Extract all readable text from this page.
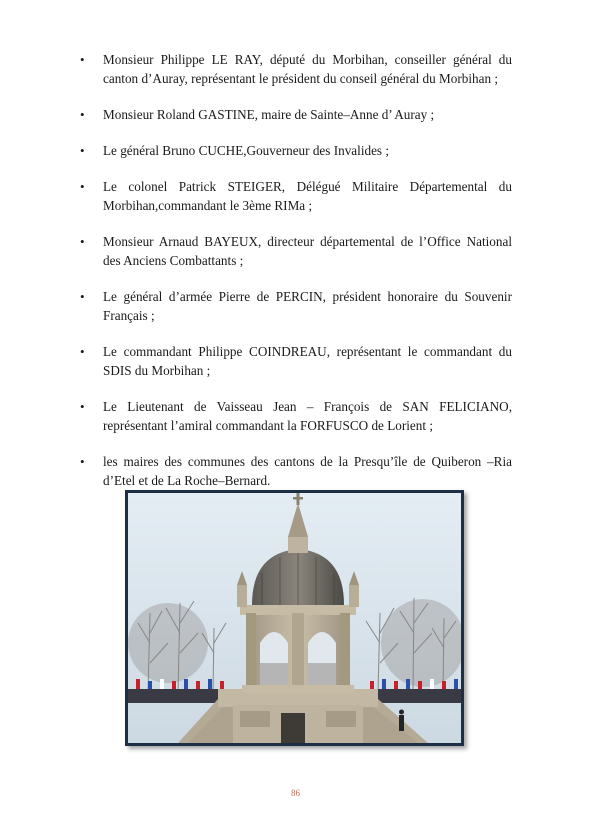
• Monsieur Philippe LE RAY, député du Morbihan, conseiller général du canton d’Auray, représentant le président du conseil général du Morbihan ;
• Monsieur Roland GASTINE, maire de Sainte–Anne d’ Auray ;
• Le général Bruno CUCHE,Gouverneur des Invalides ;
• Le colonel Patrick STEIGER, Délégué Militaire Départemental du Morbihan,commandant le 3ème RIMa ;
• Monsieur Arnaud BAYEUX, directeur départemental de l’Office National des Anciens Combattants ;
• Le général d’armée Pierre de PERCIN, président honoraire du Souvenir Français ;
• Le commandant Philippe COINDREAU, représentant le commandant du SDIS du Morbihan ;
• Le Lieutenant de Vaisseau Jean – François de SAN FELICIANO, représentant l’amiral commandant la FORFUSCO de Lorient ;
• les maires des communes des cantons de la Presqu’île de Quiberon –Ria d’Etel et de La Roche–Bernard.
86
